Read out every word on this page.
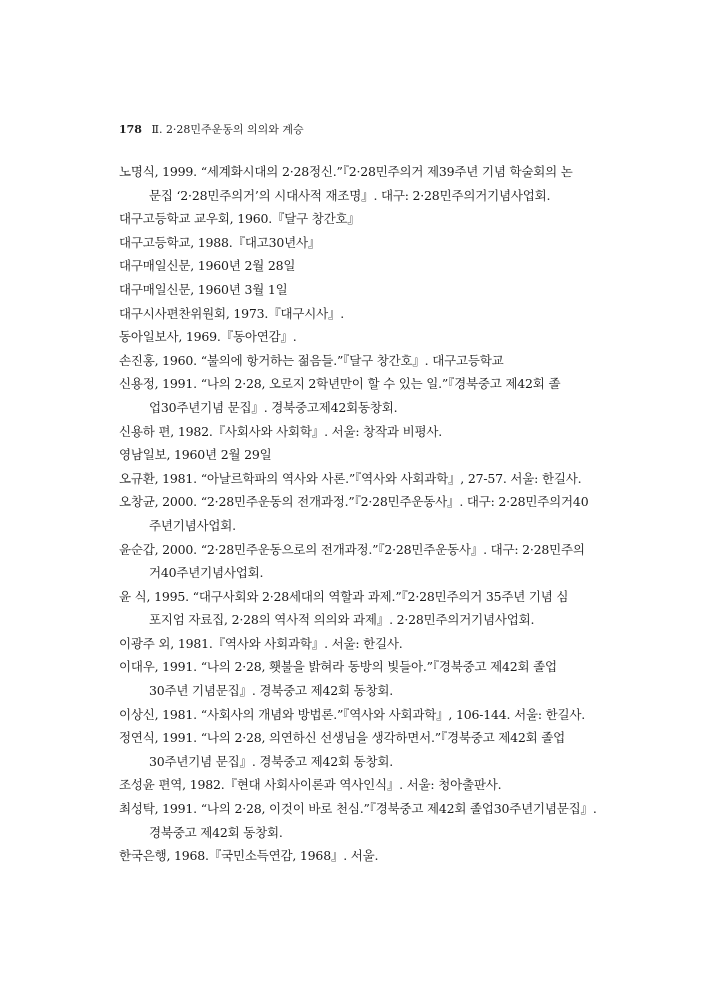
178 Ⅱ. 2·28민주운동의 의의와 계승
노명식, 1999. “세계화시대의 2·28정신.”『2·28민주의거 제39주년 기념 학술회의 논
문집 ‘2·28민주의거’의 시대사적 재조명』. 대구: 2·28민주의거기념사업회.
대구고등학교 교우회, 1960.『달구 창간호』
대구고등학교, 1988.『대고30년사』
대구매일신문, 1960년 2월 28일
대구매일신문, 1960년 3월 1일
대구시사편찬위원회, 1973.『대구시사』.
동아일보사, 1969.『동아연감』.
손진홍, 1960. “불의에 항거하는 젊음들.”『달구 창간호』. 대구고등학교
신용정, 1991. “나의 2·28, 오로지 2학년만이 할 수 있는 일.”『경북중고 제42회 졸
업30주년기념 문집』. 경북중고제42회동창회.
신용하 편, 1982.『사회사와 사회학』. 서울: 창작과 비평사.
영남일보, 1960년 2월 29일
오규환, 1981. “아날르학파의 역사와 사론.”『역사와 사회과학』, 27-57. 서울: 한길사.
오창균, 2000. “2·28민주운동의 전개과정.”『2·28민주운동사』. 대구: 2·28민주의거40
주년기념사업회.
윤순갑, 2000. “2·28민주운동으로의 전개과정.”『2·28민주운동사』. 대구: 2·28민주의
거40주년기념사업회.
윤 식, 1995. “대구사회와 2·28세대의 역할과 과제.”『2·28민주의거 35주년 기념 심
포지엄 자료집, 2·28의 역사적 의의와 과제』. 2·28민주의거기념사업회.
이광주 외, 1981.『역사와 사회과학』. 서울: 한길사.
이대우, 1991. “나의 2·28, 횃불을 밝혀라 동방의 빛들아.”『경북중고 제42회 졸업
30주년 기념문집』. 경북중고 제42회 동창회.
이상신, 1981. “사회사의 개념와 방법론.”『역사와 사회과학』, 106-144. 서울: 한길사.
정연식, 1991. “나의 2·28, 의연하신 선생님을 생각하면서.”『경북중고 제42회 졸업
30주년기념 문집』. 경북중고 제42회 동창회.
조성윤 편역, 1982.『현대 사회사이론과 역사인식』. 서울: 청아출판사.
최성탁, 1991. “나의 2·28, 이것이 바로 천심.”『경북중고 제42회 졸업30주년기념문집』.
경북중고 제42회 동창회.
한국은행, 1968.『국민소득연감, 1968』. 서울.
